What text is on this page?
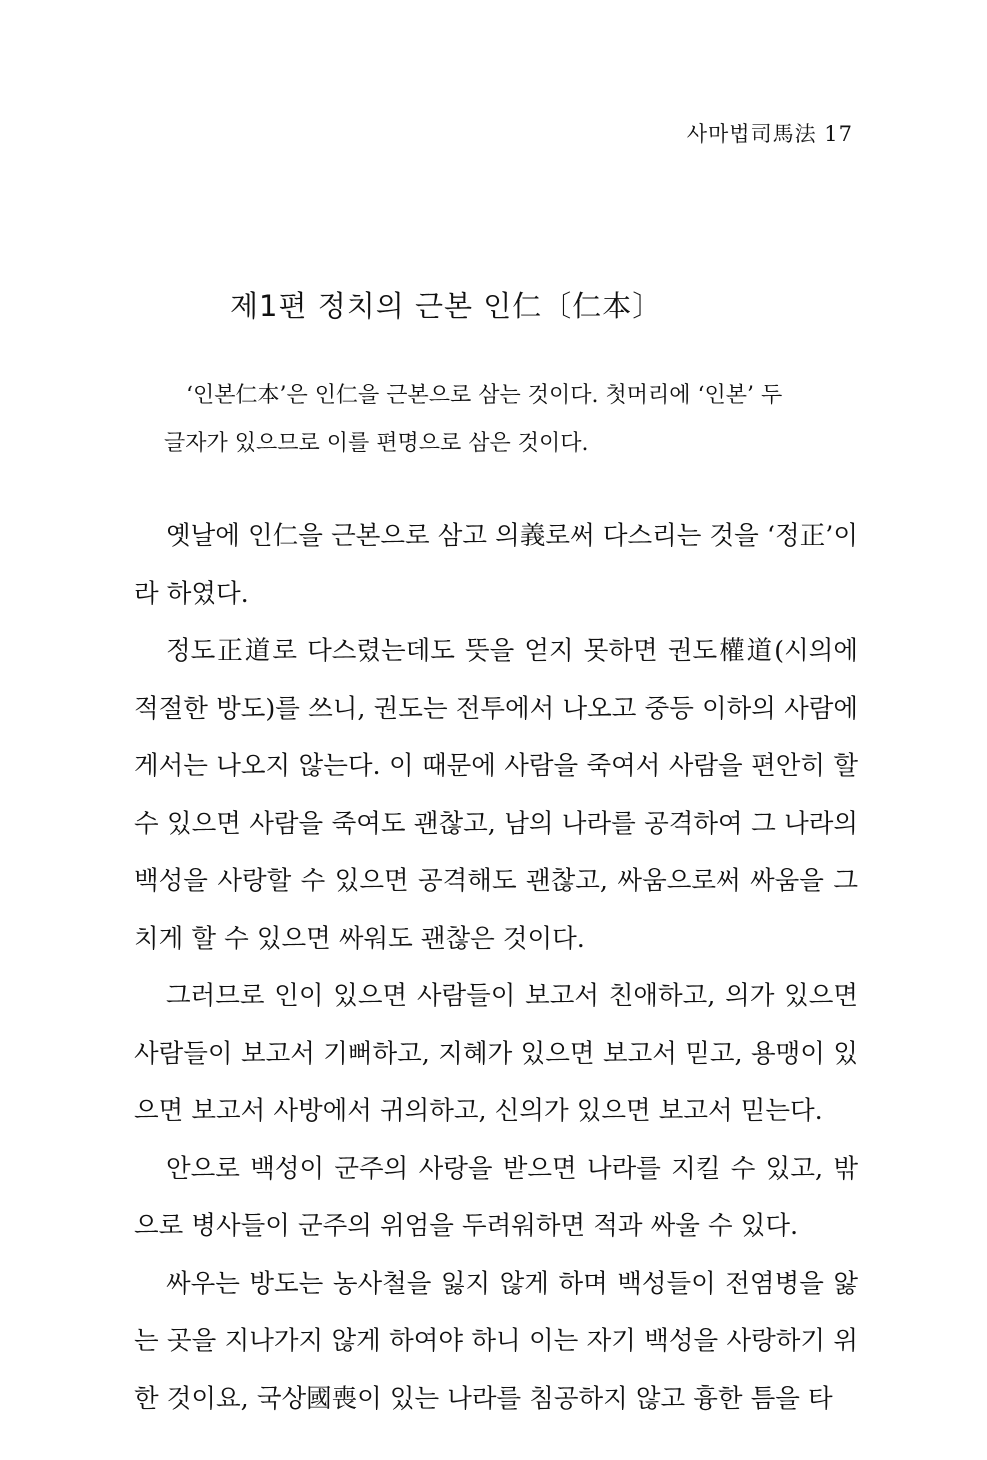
사마법司馬法 17
제1편 정치의 근본 인仁〔仁本〕

‘인본仁本’은 인仁을 근본으로 삼는 것이다. 첫머리에 ‘인본’ 두

글자가 있으므로 이를 편명으로 삼은 것이다.

옛날에 인仁을 근본으로 삼고 의義로써 다스리는 것을 ‘정正’이라 하였다.

정도正道로 다스렸는데도 뜻을 얻지 못하면 권도權道(시의에 적절한 방도)를 쓰니, 권도는 전투에서 나오고 중등 이하의 사람에게서는 나오지 않는다. 이 때문에 사람을 죽여서 사람을 편안히 할 수 있으면 사람을 죽여도 괜찮고, 남의 나라를 공격하여 그 나라의 백성을 사랑할 수 있으면 공격해도 괜찮고, 싸움으로써 싸움을 그치게 할 수 있으면 싸워도 괜찮은 것이다.

그러므로 인이 있으면 사람들이 보고서 친애하고, 의가 있으면 사람들이 보고서 기뻐하고, 지혜가 있으면 보고서 믿고, 용맹이 있으면 보고서 사방에서 귀의하고, 신의가 있으면 보고서 믿는다.

안으로 백성이 군주의 사랑을 받으면 나라를 지킬 수 있고, 밖으로 병사들이 군주의 위엄을 두려워하면 적과 싸울 수 있다.

싸우는 방도는 농사철을 잃지 않게 하며 백성들이 전염병을 앓는 곳을 지나가지 않게 하여야 하니 이는 자기 백성을 사랑하기 위한 것이요, 국상國喪이 있는 나라를 침공하지 않고 흉한 틈을 타
